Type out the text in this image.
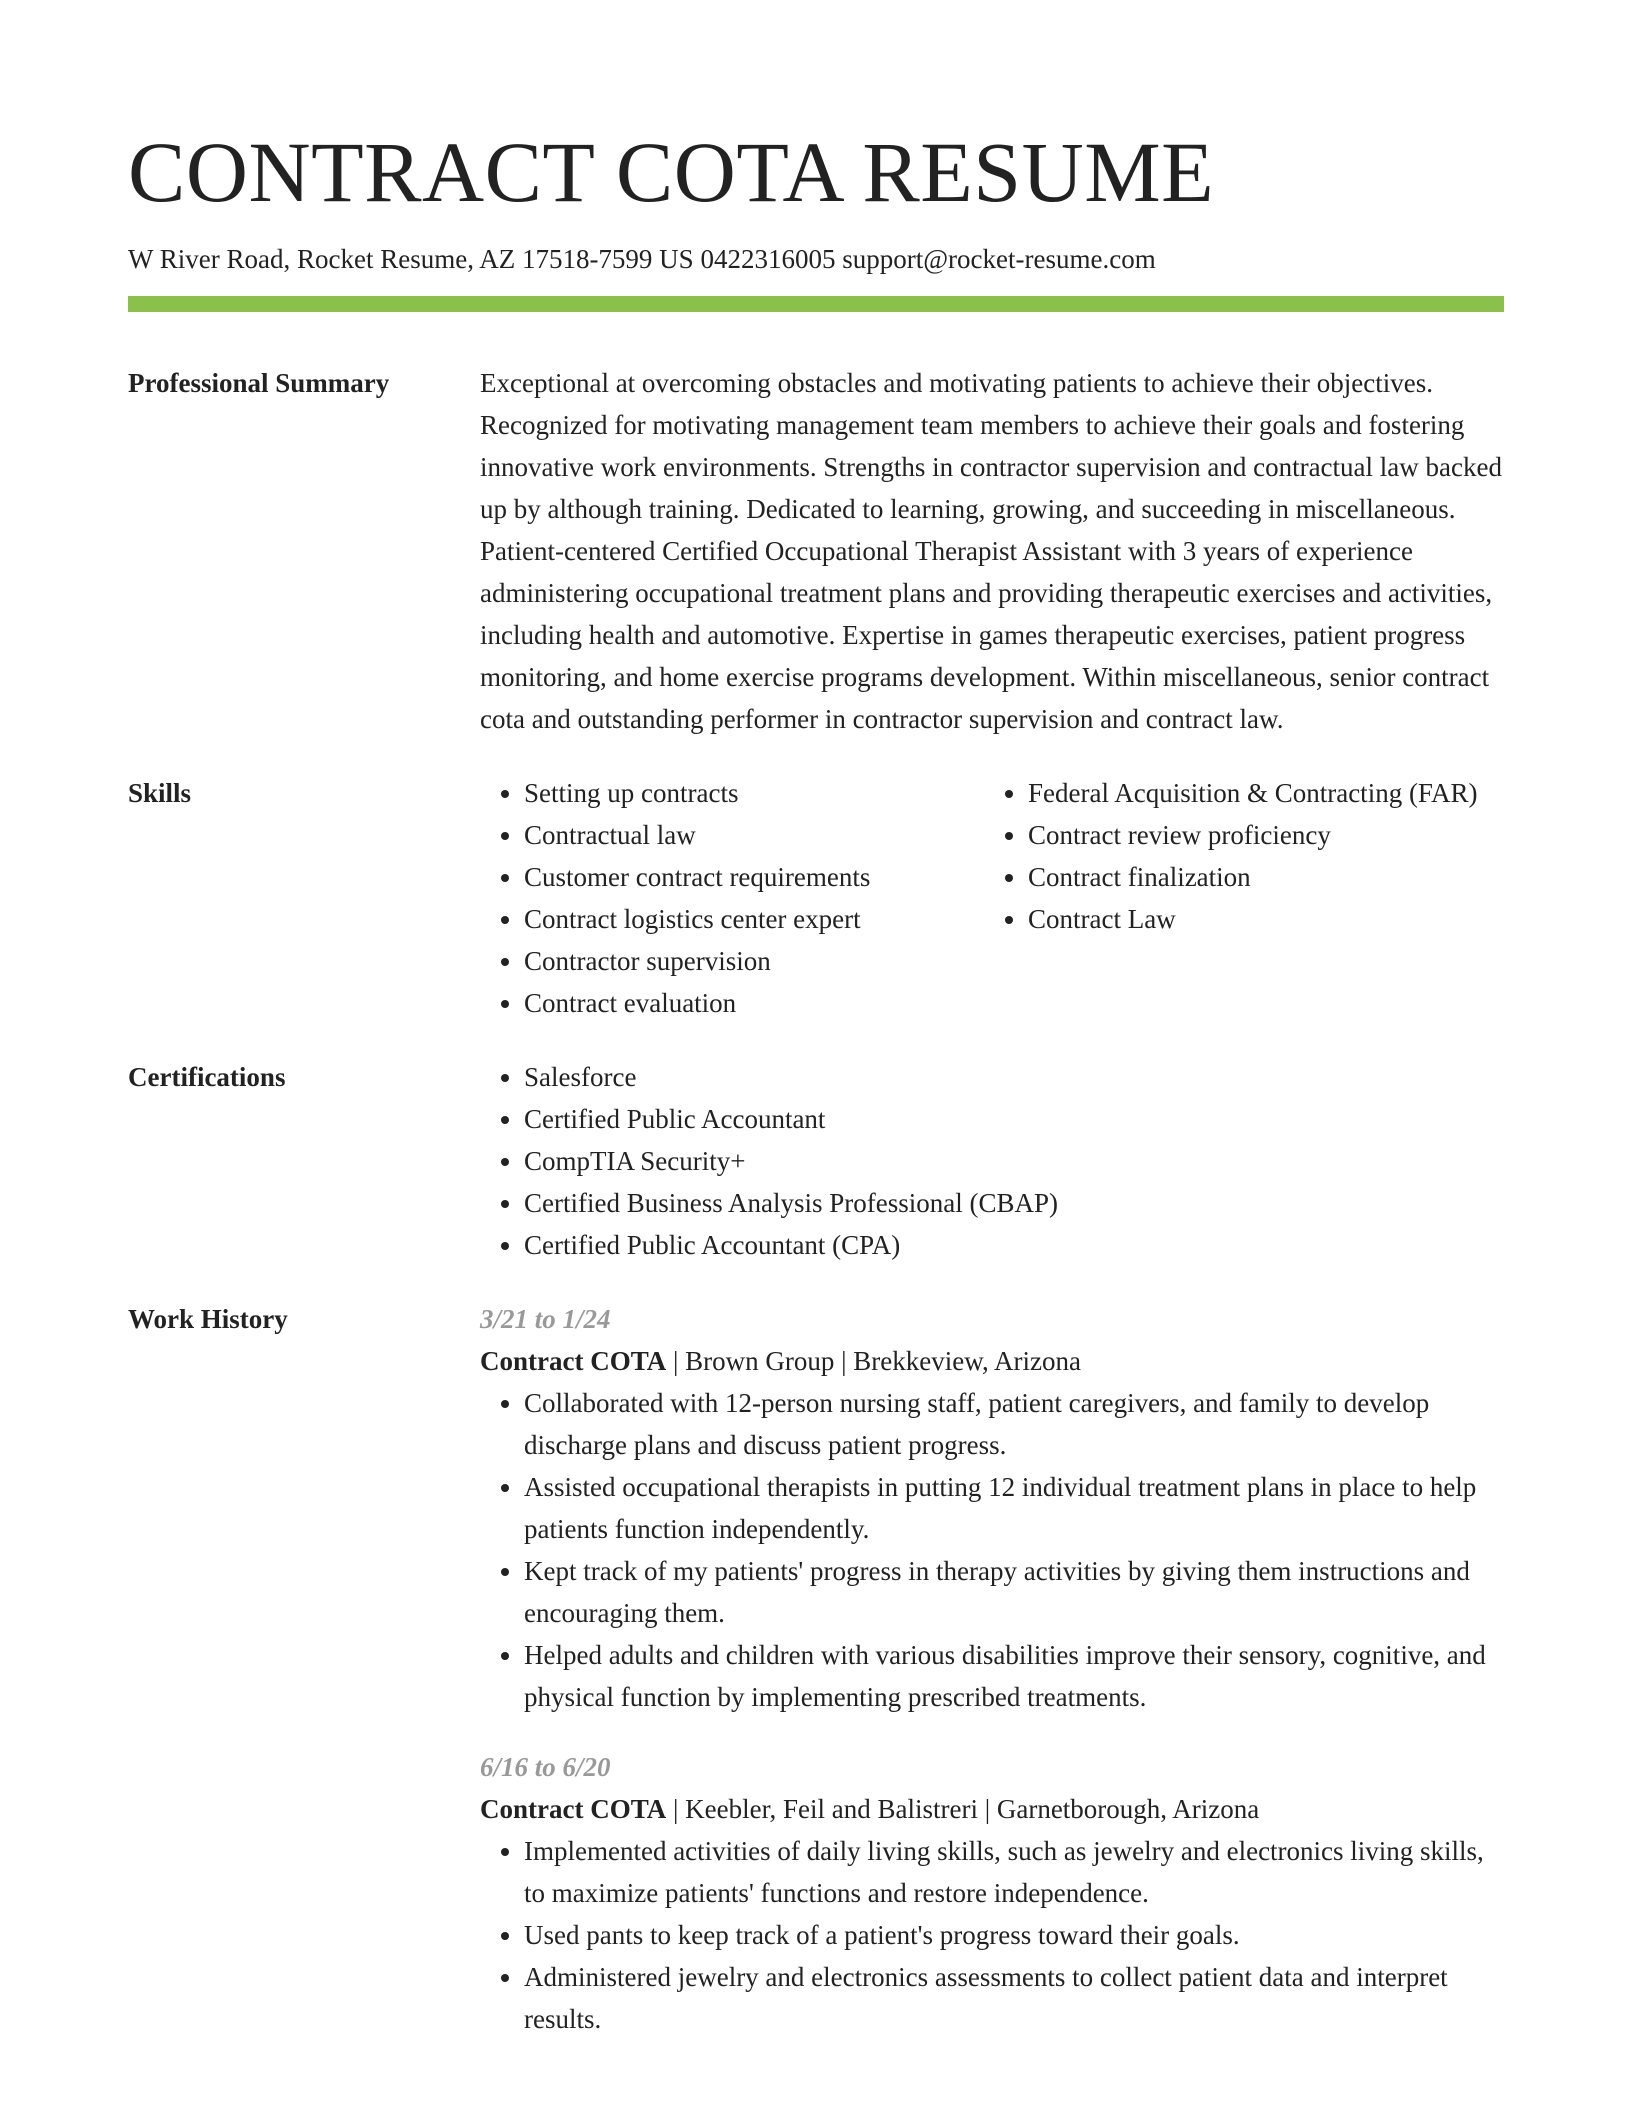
CONTRACT COTA RESUME
W River Road, Rocket Resume, AZ 17518-7599 US 0422316005 support@rocket-resume.com
Professional Summary	Exceptional at overcoming obstacles and motivating patients to achieve their objectives. Recognized for motivating management team members to achieve their goals and fostering innovative work environments. Strengths in contractor supervision and contractual law backed up by although training. Dedicated to learning, growing, and succeeding in miscellaneous. Patient-centered Certified Occupational Therapist Assistant with 3 years of experience administering occupational treatment plans and providing therapeutic exercises and activities, including health and automotive. Expertise in games therapeutic exercises, patient progress monitoring, and home exercise programs development. Within miscellaneous, senior contract cota and outstanding performer in contractor supervision and contract law.

Skills	• Setting up contracts
• Contractual law
• Customer contract requirements
• Contract logistics center expert
• Contractor supervision
• Contract evaluation
• Federal Acquisition & Contracting (FAR)
• Contract review proficiency
• Contract finalization
• Contract Law
Certifications	• Salesforce
• Certified Public Accountant
• CompTIA Security+
• Certified Business Analysis Professional (CBAP)
• Certified Public Accountant (CPA)
Work History	3/21 to 1/24
Contract COTA | Brown Group | Brekkeview, Arizona
• Collaborated with 12-person nursing staff, patient caregivers, and family to develop discharge plans and discuss patient progress.
• Assisted occupational therapists in putting 12 individual treatment plans in place to help patients function independently.
• Kept track of my patients' progress in therapy activities by giving them instructions and encouraging them.
• Helped adults and children with various disabilities improve their sensory, cognitive, and physical function by implementing prescribed treatments.
6/16 to 6/20
Contract COTA | Keebler, Feil and Balistreri | Garnetborough, Arizona
• Implemented activities of daily living skills, such as jewelry and electronics living skills, to maximize patients' functions and restore independence.
• Used pants to keep track of a patient's progress toward their goals.
• Administered jewelry and electronics assessments to collect patient data and interpret results.
